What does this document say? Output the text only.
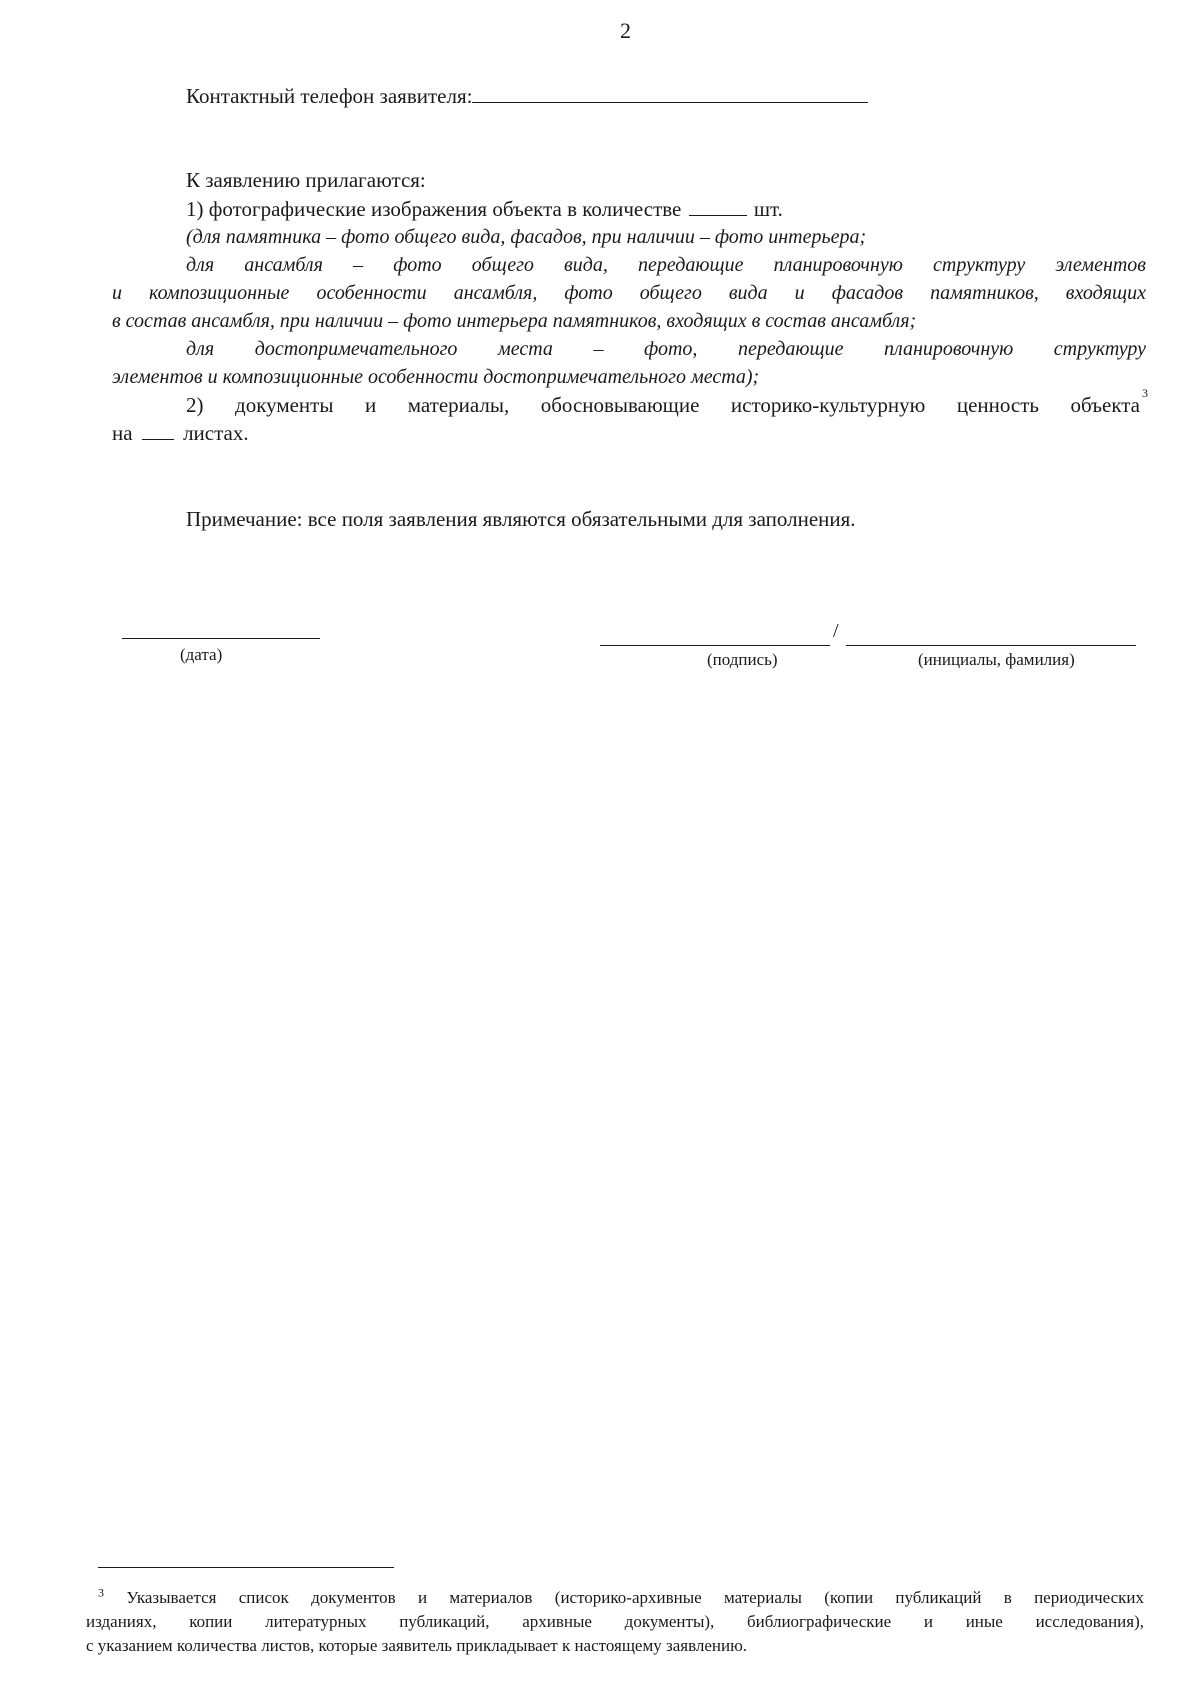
2
Контактный телефон заявителя:
К заявлению прилагаются:
1) фотографические изображения объекта в количестве	шт.
(для памятника – фото общего вида, фасадов, при наличии – фото интерьера;
для ансамбля – фото общего вида, передающие планировочную структуру элементов
и композиционные особенности ансамбля, фото общего вида и фасадов памятников, входящих
в состав ансамбля, при наличии – фото интерьера памятников, входящих в состав ансамбля;
для достопримечательного места – фото, передающие планировочную структуру
элементов и композиционные особенности достопримечательного места);
2) документы и материалы, обосновывающие историко-культурную ценность объекта 3
на листах.
Примечание: все поля заявления являются обязательными для заполнения.
(дата)
/
(подпись)	(инициалы, фамилия)
$^3$ Указывается список документов и материалов (историко-архивные материалы (копии публикаций в периодических
изданиях, копии литературных публикаций, архивные документы), библиографические и иные исследования),
с указанием количества листов, которые заявитель прикладывает к настоящему заявлению.
